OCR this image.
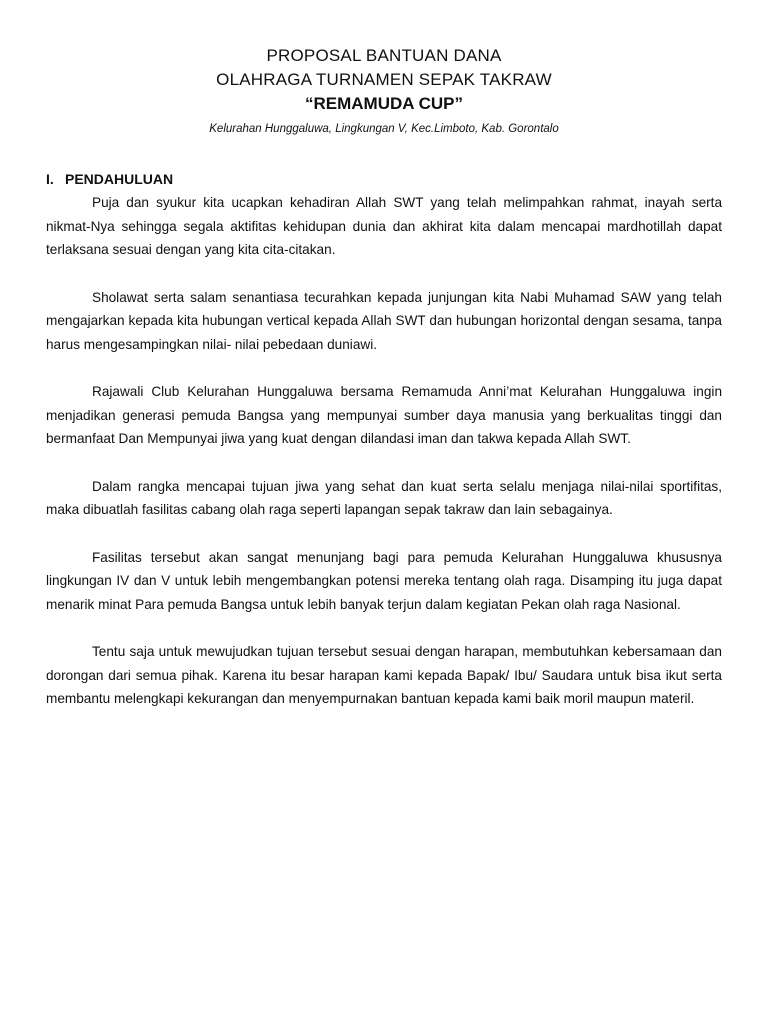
PROPOSAL BANTUAN DANA
OLAHRAGA TURNAMEN SEPAK TAKRAW
“REMAMUDA CUP”
Kelurahan Hunggaluwa, Lingkungan V, Kec.Limboto, Kab. Gorontalo
I. PENDAHULUAN

Puja dan syukur kita ucapkan kehadiran Allah SWT yang telah melimpahkan rahmat, inayah serta nikmat-Nya sehingga segala aktifitas kehidupan dunia dan akhirat kita dalam mencapai mardhotillah dapat terlaksana sesuai dengan yang kita cita-citakan.

Sholawat serta salam senantiasa tecurahkan kepada junjungan kita Nabi Muhamad SAW yang telah mengajarkan kepada kita hubungan vertical kepada Allah SWT dan hubungan horizontal dengan sesama, tanpa harus mengesampingkan nilai- nilai pebedaan duniawi.

Rajawali Club Kelurahan Hunggaluwa bersama Remamuda Anni’mat Kelurahan Hunggaluwa ingin menjadikan generasi pemuda Bangsa yang mempunyai sumber daya manusia yang berkualitas tinggi dan bermanfaat Dan Mempunyai jiwa yang kuat dengan dilandasi iman dan takwa kepada Allah SWT.

Dalam rangka mencapai tujuan jiwa yang sehat dan kuat serta selalu menjaga nilai-nilai sportifitas, maka dibuatlah fasilitas cabang olah raga seperti lapangan sepak takraw dan lain sebagainya.

Fasilitas tersebut akan sangat menunjang bagi para pemuda Kelurahan Hunggaluwa khususnya lingkungan IV dan V untuk lebih mengembangkan potensi mereka tentang olah raga. Disamping itu juga dapat menarik minat Para pemuda Bangsa untuk lebih banyak terjun dalam kegiatan Pekan olah raga Nasional.

Tentu saja untuk mewujudkan tujuan tersebut sesuai dengan harapan, membutuhkan kebersamaan dan dorongan dari semua pihak. Karena itu besar harapan kami kepada Bapak/ Ibu/ Saudara untuk bisa ikut serta membantu melengkapi kekurangan dan menyempurnakan bantuan kepada kami baik moril maupun materil.
